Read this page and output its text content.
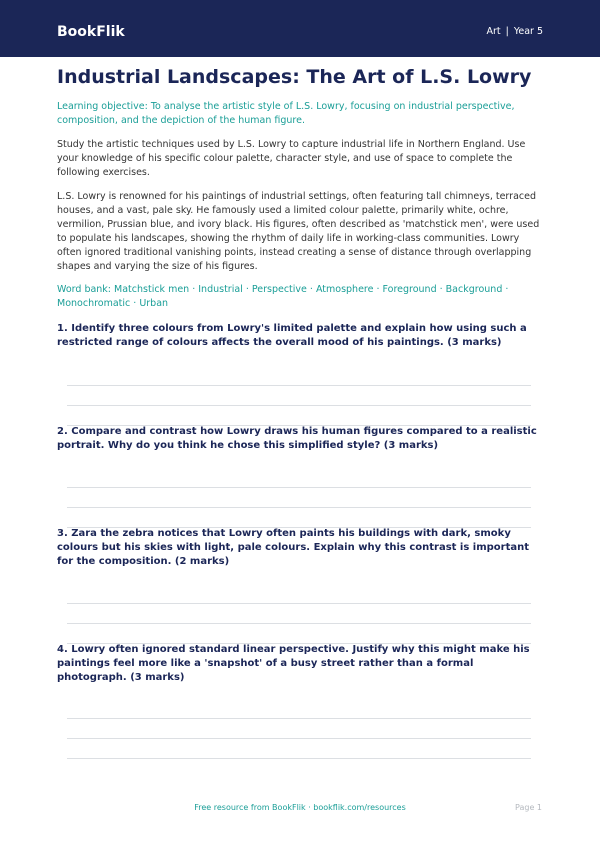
BookFlik	Art | Year 5
Industrial Landscapes: The Art of L.S. Lowry
Learning objective: To analyse the artistic style of L.S. Lowry, focusing on industrial perspective, composition, and the depiction of the human figure.

Study the artistic techniques used by L.S. Lowry to capture industrial life in Northern England. Use your knowledge of his specific colour palette, character style, and use of space to complete the following exercises.

L.S. Lowry is renowned for his paintings of industrial settings, often featuring tall chimneys, terraced houses, and a vast, pale sky. He famously used a limited colour palette, primarily white, ochre, vermilion, Prussian blue, and ivory black. His figures, often described as 'matchstick men', were used to populate his landscapes, showing the rhythm of daily life in working-class communities. Lowry often ignored traditional vanishing points, instead creating a sense of distance through overlapping shapes and varying the size of his figures.

Word bank: Matchstick men · Industrial · Perspective · Atmosphere · Foreground · Background · Monochromatic · Urban
1. Identify three colours from Lowry's limited palette and explain how using such a restricted range of colours affects the overall mood of his paintings. (3 marks)
2. Compare and contrast how Lowry draws his human figures compared to a realistic portrait. Why do you think he chose this simplified style? (3 marks)
3. Zara the zebra notices that Lowry often paints his buildings with dark, smoky colours but his skies with light, pale colours. Explain why this contrast is important for the composition. (2 marks)
4. Lowry often ignored standard linear perspective. Justify why this might make his paintings feel more like a 'snapshot' of a busy street rather than a formal photograph. (3 marks)
Free resource from BookFlik · bookflik.com/resources	Page 1
